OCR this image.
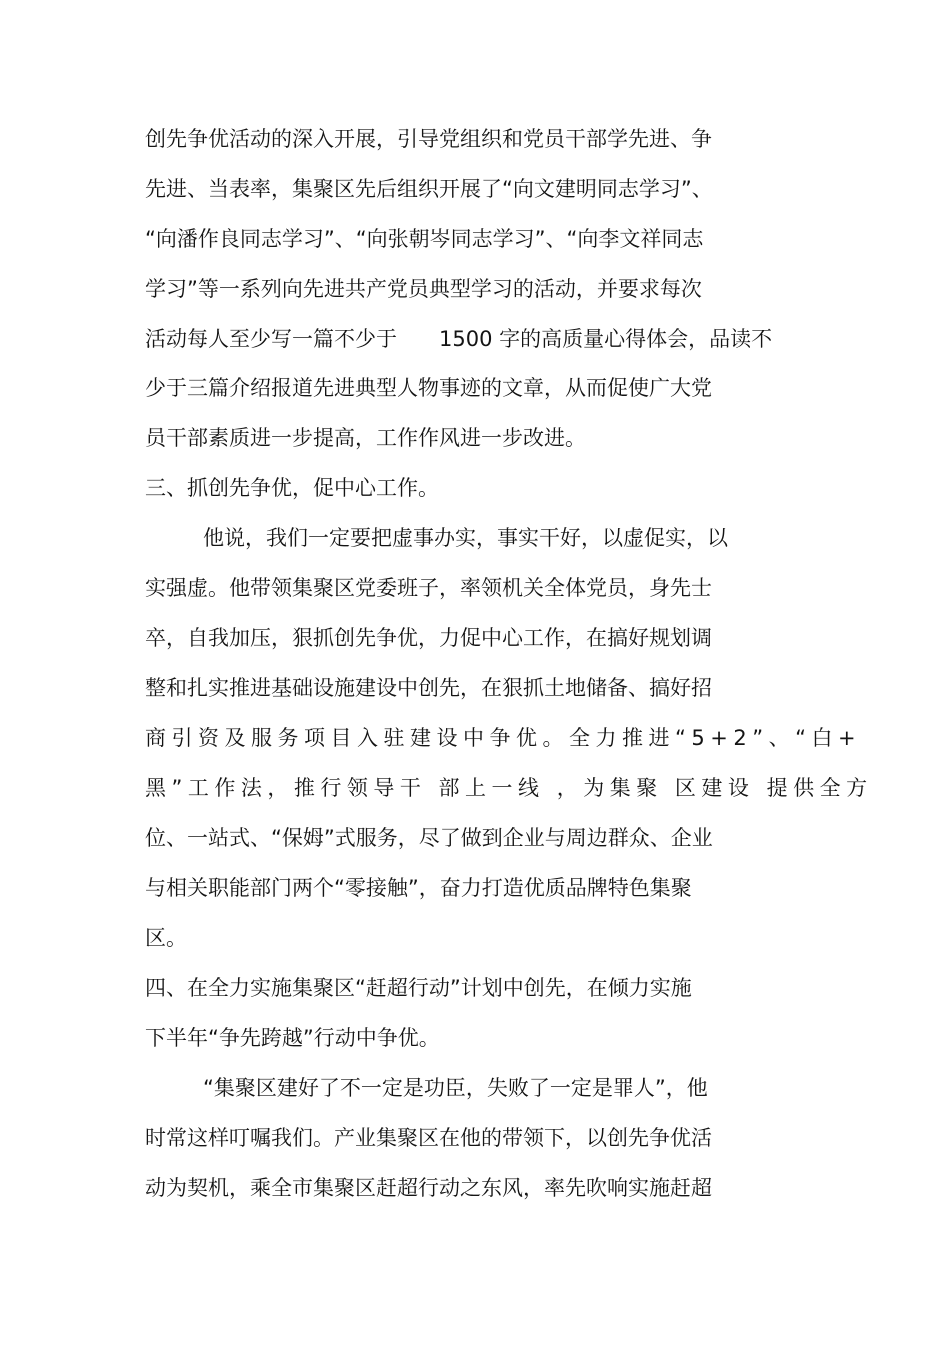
创先争优活动的深入开展，引导党组织和党员干部学先进、争
先进、当表率，集聚区先后组织开展了“向文建明同志学习”、
“向潘作良同志学习”、“向张朝岑同志学习”、“向李文祥同志
学习”等一系列向先进共产党员典型学习的活动，并要求每次
活动每人至少写一篇不少于　　1500 字的高质量心得体会，品读不
少于三篇介绍报道先进典型人物事迹的文章，从而促使广大党
员干部素质进一步提高，工作作风进一步改进。
三、抓创先争优，促中心工作。
他说，我们一定要把虚事办实，事实干好，以虚促实，以
实强虚。他带领集聚区党委班子，率领机关全体党员，身先士
卒，自我加压，狠抓创先争优，力促中心工作，在搞好规划调
整和扎实推进基础设施建设中创先，在狠抓土地储备、搞好招
商引资及服务项目入驻建设中争优。全力推进“5+2”、“白+
黑”工作法，推行领导干 部上一线 ，为集聚 区建设 提供全方
位、一站式、“保姆”式服务，尽了做到企业与周边群众、企业
与相关职能部门两个“零接触”，奋力打造优质品牌特色集聚
区。
四、在全力实施集聚区“赶超行动”计划中创先，在倾力实施
下半年“争先跨越”行动中争优。
“集聚区建好了不一定是功臣，失败了一定是罪人”，他
时常这样叮嘱我们。产业集聚区在他的带领下，以创先争优活
动为契机，乘全市集聚区赶超行动之东风，率先吹响实施赶超
